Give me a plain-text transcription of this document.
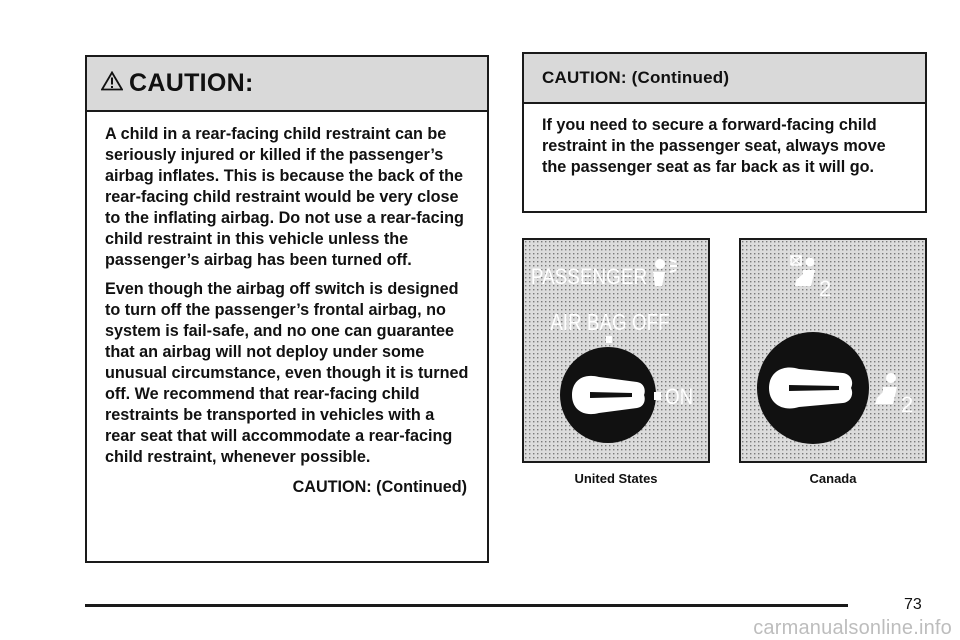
CAUTION:

A child in a rear-facing child restraint can be seriously injured or killed if the passenger’s airbag inflates. This is because the back of the rear-facing child restraint would be very close to the inflating airbag. Do not use a rear-facing child restraint in this vehicle unless the passenger’s airbag has been turned off.

Even though the airbag off switch is designed to turn off the passenger’s frontal airbag, no system is fail-safe, and no one can guarantee that an airbag will not deploy under some unusual circumstance, even though it is turned off. We recommend that rear-facing child restraints be transported in vehicles with a rear seat that will accommodate a rear-facing child restraint, whenever possible.

CAUTION: (Continued)

CAUTION: (Continued)

If you need to secure a forward-facing child restraint in the passenger seat, always move the passenger seat as far back as it will go.

PASSENGER
AIR BAG OFF
ON
2
2
United States	Canada
73
carmanualsonline.info
